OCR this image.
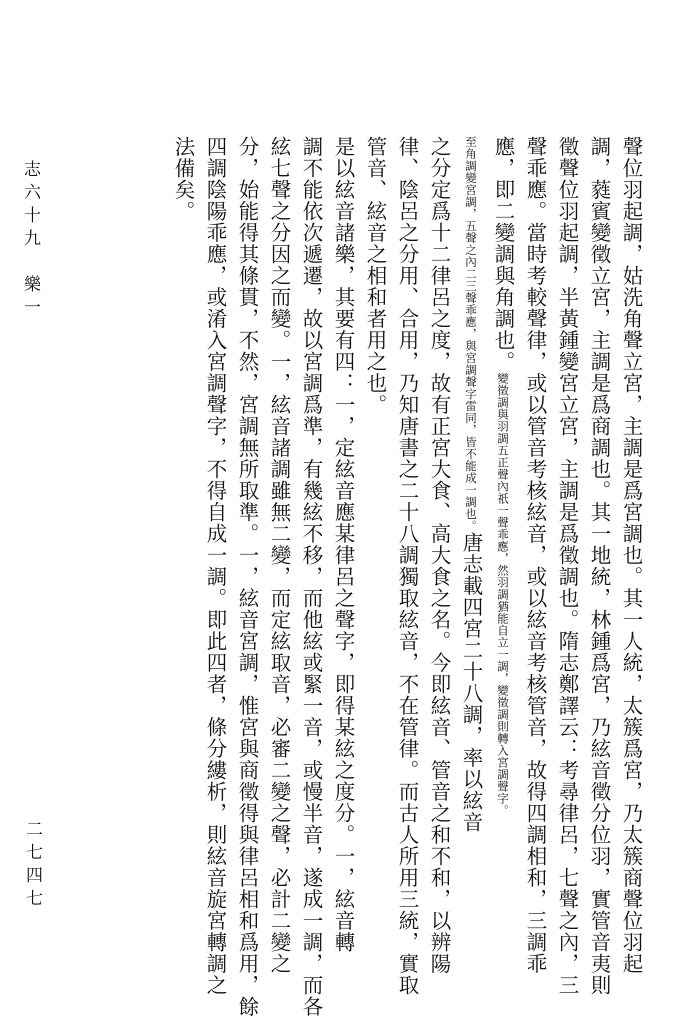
聲位羽起調，姑洗角聲立宮，主調是爲宮調也。其一人統，太簇爲宮，乃太簇商聲位羽起
調，蕤賓變徵立宮，主調是爲商調也。其一地統，林鍾爲宮，乃絃音徵分位羽，實管音夷則
徵聲位羽起調，半黃鍾變宮立宮，主調是爲徵調也。隋志鄭譯云：考尋律呂，七聲之內，三
聲乖應。當時考較聲律，或以管音考核絃音，或以絃音考核管音，故得四調相和，三調乖
應，即二變調與角調也。變徵調與羽調五正聲內祇一聲乖應，然羽調猶能自立一調，變徵調則轉入宮調聲字。
至角調變宮調，五聲之內二三聲乖應，與宮調聲字雷同，皆不能成一調也。唐志載四宮二十八調，率以絃音
之分定爲十二律呂之度，故有正宮大食、高大食之名。今即絃音、管音之和不和，以辨陽
律、陰呂之分用、合用，乃知唐書之二十八調獨取絃音，不在管律。而古人所用三統，實取
管音、絃音之相和者用之也。
是以絃音諸樂，其要有四：一，定絃音應某律呂之聲字，即得某絃之度分。一，絃音轉
調不能依次遞遷，故以宮調爲準，有幾絃不移，而他絃或緊一音，或慢半音，遂成一調，而各
絃七聲之分因之而變。一，絃音諸調雖無二變，而定絃取音，必審二變之聲，必計二變之
分，始能得其條貫，不然，宮調無所取準。一，絃音宮調，惟宮與商徵得與律呂相和爲用，餘
四調陰陽乖應，或淆入宮調聲字，不得自成一調。即此四者，條分縷析，則絃音旋宮轉調之
法備矣。
志六十九　樂一
二七四七
